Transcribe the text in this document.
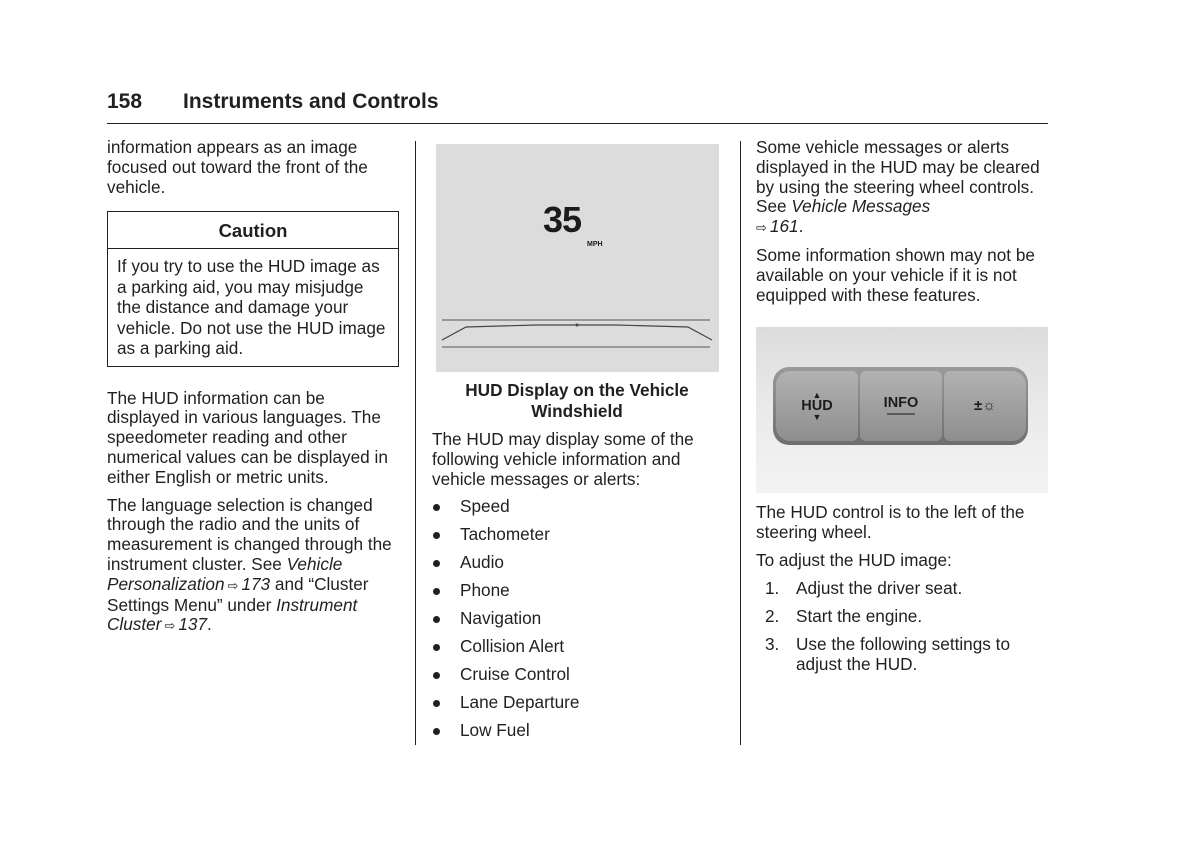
158 Instruments and Controls

information appears as an image focused out toward the front of the vehicle.

Caution
If you try to use the HUD image as a parking aid, you may misjudge the distance and damage your vehicle. Do not use the HUD image as a parking aid.

The HUD information can be displayed in various languages. The speedometer reading and other numerical values can be displayed in either English or metric units.

The language selection is changed through the radio and the units of measurement is changed through the instrument cluster. See Vehicle Personalization ⇨ 173 and “Cluster Settings Menu” under Instrument Cluster ⇨ 137.

35
MPH
HUD Display on the Vehicle Windshield

The HUD may display some of the following vehicle information and vehicle messages or alerts:

Speed
Tachometer
Audio
Phone
Navigation
Collision Alert
Cruise Control
Lane Departure
Low Fuel

Some vehicle messages or alerts displayed in the HUD may be cleared by using the steering wheel controls. See Vehicle Messages
⇨ 161.

Some information shown may not be available on your vehicle if it is not equipped with these features.

▲
HUD
▼
INFO	±☼

The HUD control is to the left of the steering wheel.

To adjust the HUD image:

1. Adjust the driver seat.
2. Start the engine.
3. Use the following settings to adjust the HUD.
